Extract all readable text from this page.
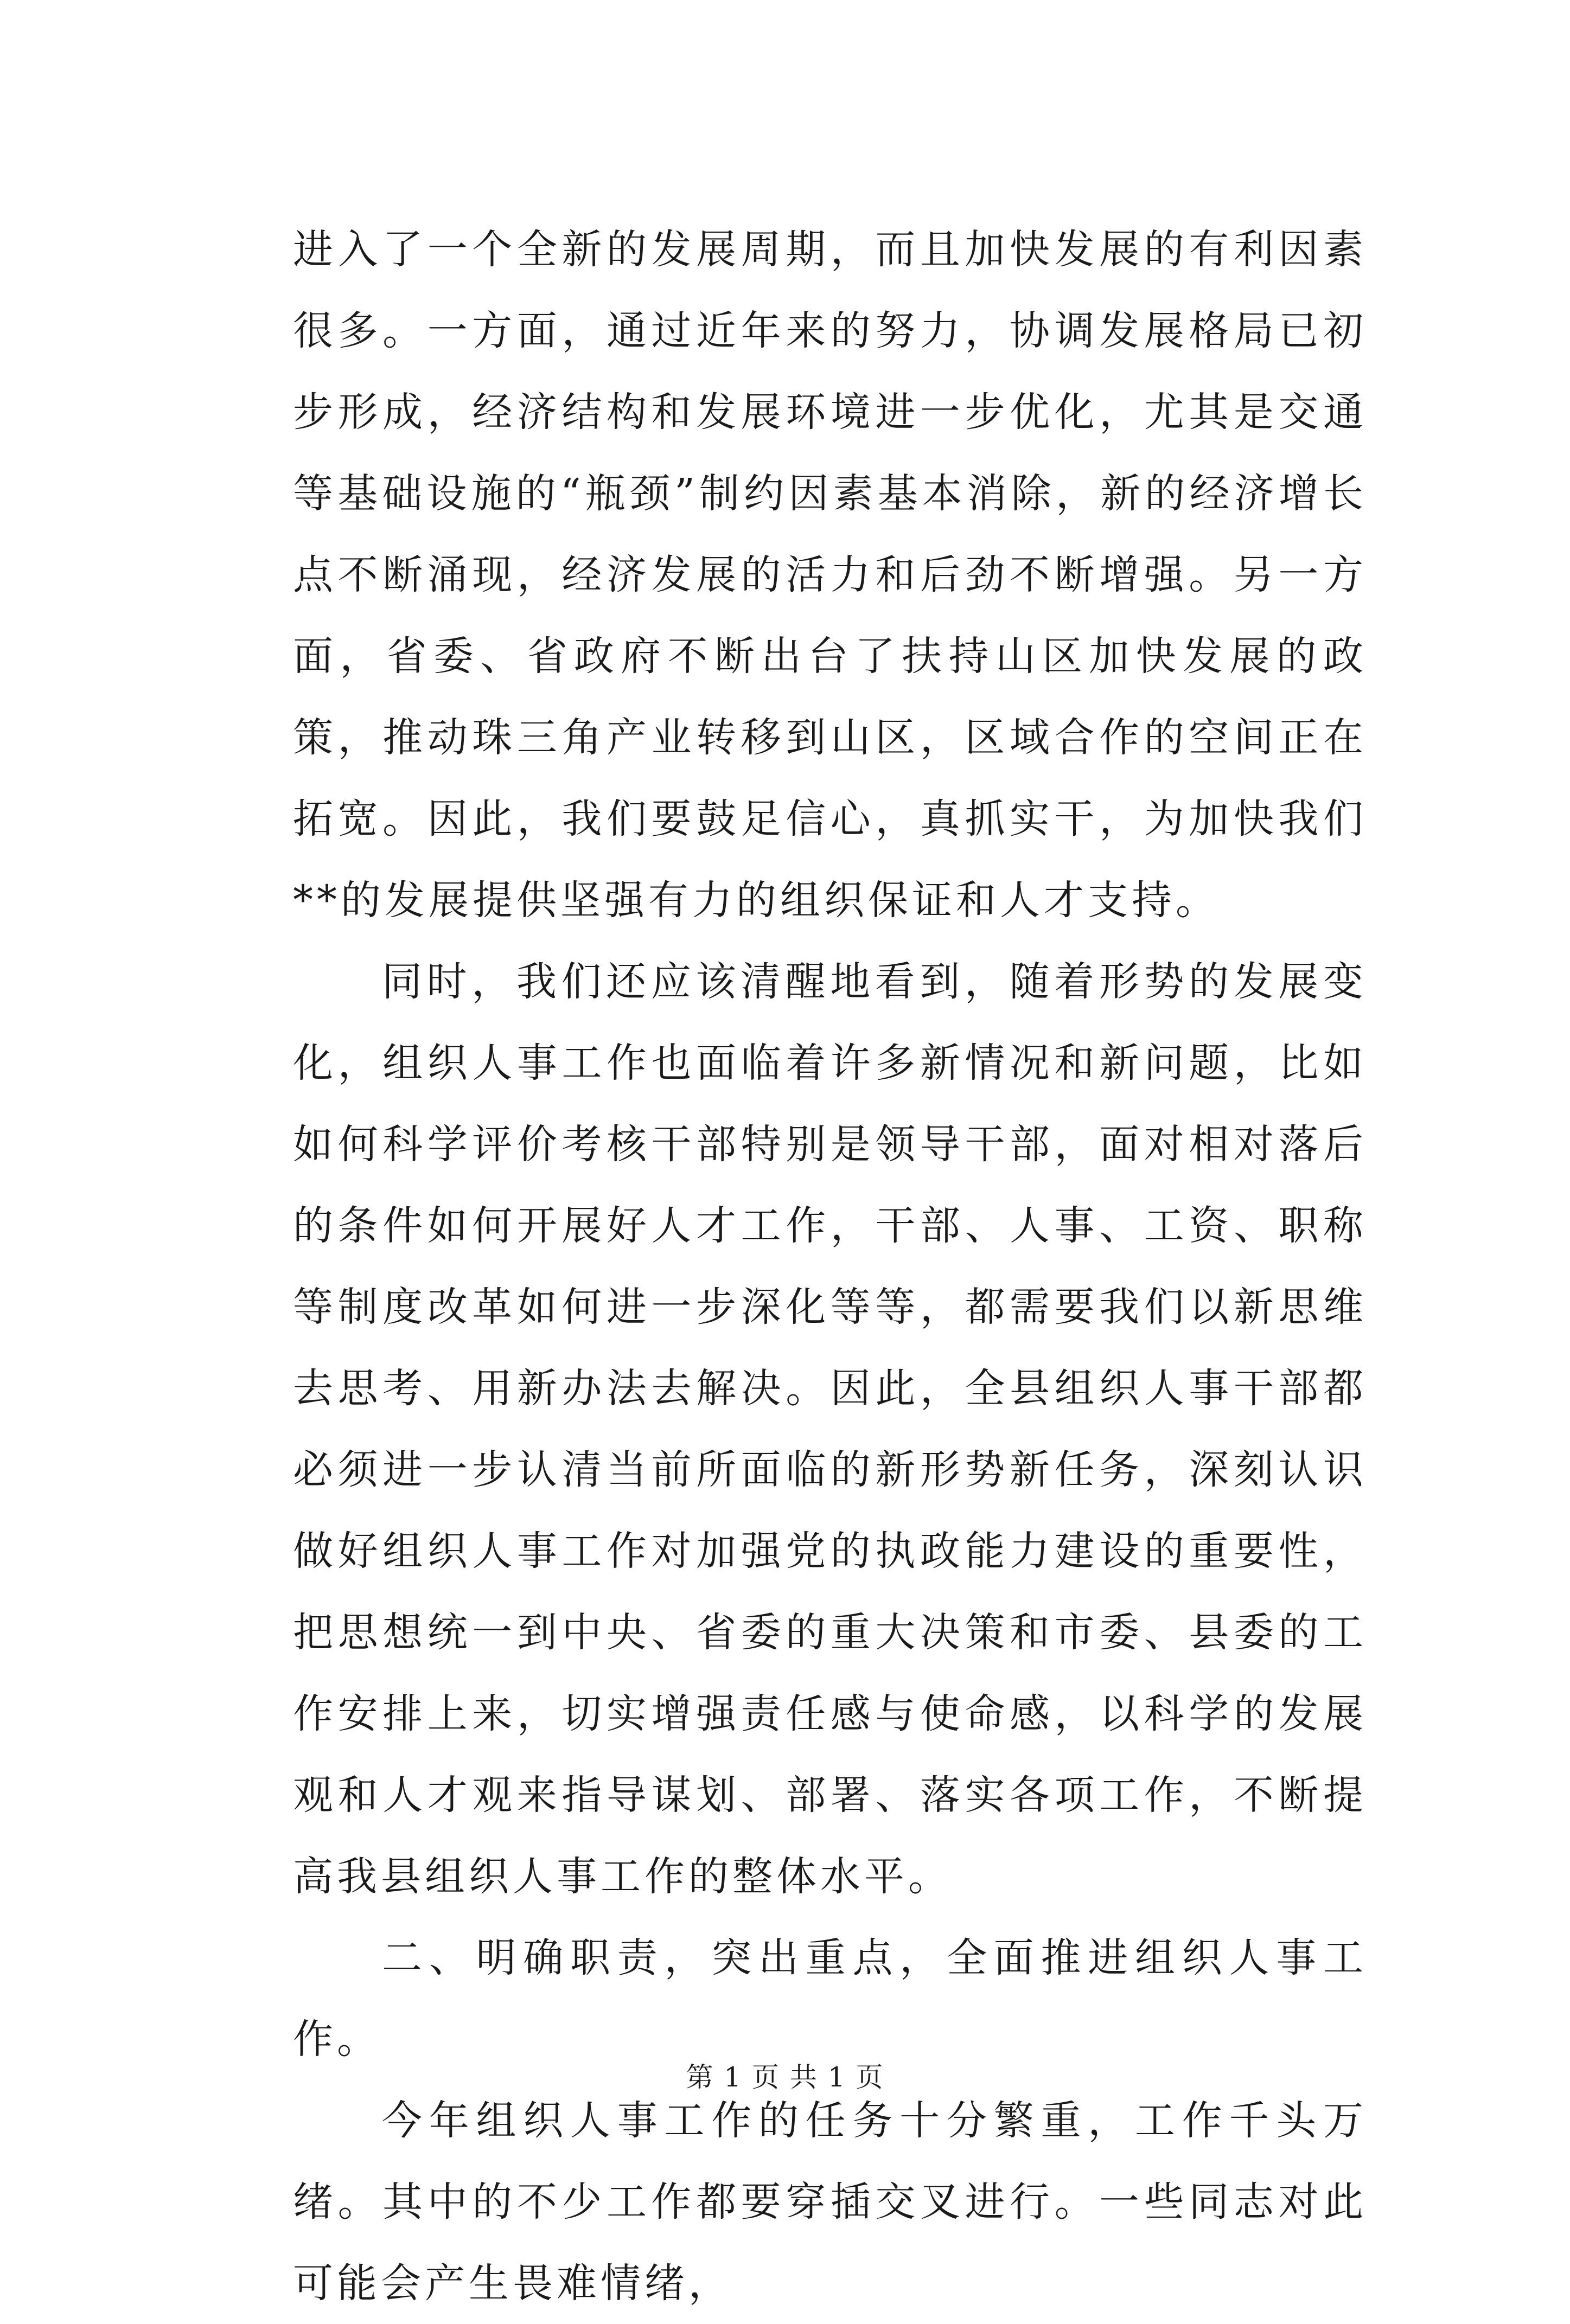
进入了一个全新的发展周期，而且加快发展的有利因素很多。一方面，通过近年来的努力，协调发展格局已初步形成，经济结构和发展环境进一步优化，尤其是交通等基础设施的“瓶颈”制约因素基本消除，新的经济增长点不断涌现，经济发展的活力和后劲不断增强。另一方面，省委、省政府不断出台了扶持山区加快发展的政策，推动珠三角产业转移到山区，区域合作的空间正在拓宽。因此，我们要鼓足信心，真抓实干，为加快我们**的发展提供坚强有力的组织保证和人才支持。

同时，我们还应该清醒地看到，随着形势的发展变化，组织人事工作也面临着许多新情况和新问题，比如如何科学评价考核干部特别是领导干部，面对相对落后的条件如何开展好人才工作，干部、人事、工资、职称等制度改革如何进一步深化等等，都需要我们以新思维去思考、用新办法去解决。因此，全县组织人事干部都必须进一步认清当前所面临的新形势新任务，深刻认识做好组织人事工作对加强党的执政能力建设的重要性，把思想统一到中央、省委的重大决策和市委、县委的工作安排上来，切实增强责任感与使命感，以科学的发展观和人才观来指导谋划、部署、落实各项工作，不断提高我县组织人事工作的整体水平。

二、明确职责，突出重点，全面推进组织人事工作。

今年组织人事工作的任务十分繁重，工作千头万绪。其中的不少工作都要穿插交叉进行。一些同志对此可能会产生畏难情绪，

第 1 页 共 1 页
